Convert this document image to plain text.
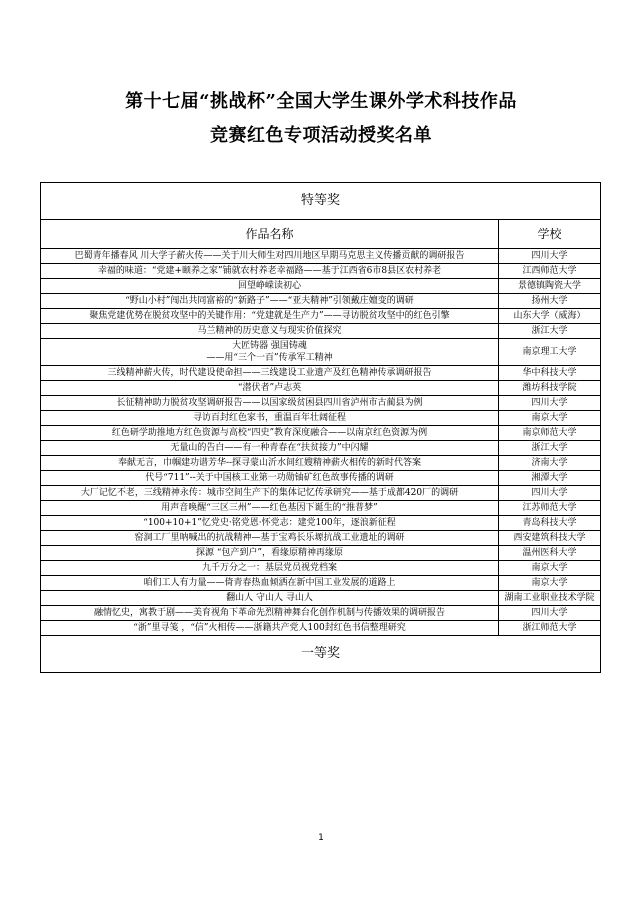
第十七届“挑战杯”全国大学生课外学术科技作品
竞赛红色专项活动授奖名单
特等奖	
作品名称	学校
巴蜀青年播春风 川大学子薪火传——关于川大师生对四川地区早期马克思主义传播贡献的调研报告	四川大学
幸福的味道：“党建+颐养之家”铺就农村养老幸福路——基于江西省6市8县区农村养老	江西师范大学
回望峥嵘读初心	景德镇陶瓷大学
“野山小村”闯出共同富裕的“新路子”——“亚夫精神”引领戴庄嬗变的调研	扬州大学
聚焦党建优势在脱贫攻坚中的关键作用：“党建就是生产力”——寻访脱贫攻坚中的红色引擎	山东大学（威海）
马兰精神的历史意义与现实价值探究	浙江大学
大匠铸器 强国铸魂
——用“三个一百”传承军工精神	南京理工大学
三线精神薪火传，时代建设使命担——三线建设工业遗产及红色精神传承调研报告	华中科技大学
“潜伏者”卢志英	潍坊科技学院
长征精神助力脱贫攻坚调研报告——以国家级贫困县四川省泸州市古蔺县为例	四川大学
寻访百封红色家书，重温百年壮阔征程	南京大学
红色研学助推地方红色资源与高校“四史”教育深度融合——以南京红色资源为例	南京师范大学
无量山的告白——有一种青春在“扶贫接力”中闪耀	浙江大学
奉献无言，巾帼建功谱芳华--探寻蒙山沂水间红嫂精神薪火相传的新时代答案	济南大学
代号“711”--关于中国核工业第一功勋铀矿红色故事传播的调研	湘潭大学
大厂记忆不老，三线精神永传：城市空间生产下的集体记忆传承研究——基于成都420厂的调研	四川大学
用声音唤醒“三区三州”——红色基因下诞生的“推普梦”	江苏师范大学
“100+10+1”忆党史·铭党恩·怀党志：建党100年，逐浪新征程	青岛科技大学
窑洞工厂里呐喊出的抗战精神—基于宝鸡长乐塬抗战工业遗址的调研	西安建筑科技大学
探源 “包产到户”，看缘原精神再缘原	温州医科大学
九千万分之一：基层党员视党档案	南京大学
咱们工人有力量——倚青春热血倾洒在新中国工业发展的道路上	南京大学
翻山人 守山人 寻山人	湖南工业职业技术学院
融情忆史，寓教于剧——美育视角下革命先烈精神舞台化创作机制与传播效果的调研报告	四川大学
“浙”里寻笺 ，“信”火相传——浙籍共产党人100封红色书信整理研究	浙江师范大学
一等奖	
1
